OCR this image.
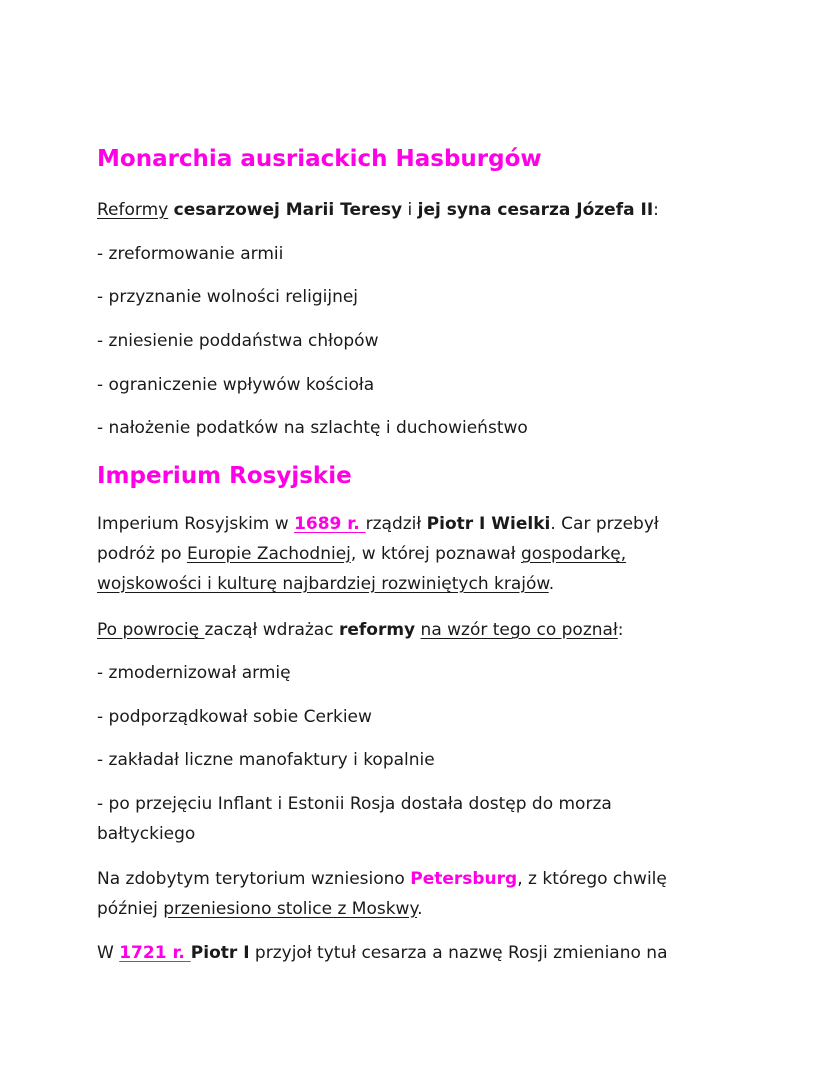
Monarchia ausriackich Hasburgów
Reformy cesarzowej Marii Teresy i jej syna cesarza Józefa II:
- zreformowanie armii
- przyznanie wolności religijnej
- zniesienie poddaństwa chłopów
- ograniczenie wpływów kościoła
- nałożenie podatków na szlachtę i duchowieństwo
Imperium Rosyjskie
Imperium Rosyjskim w 1689 r. rządził Piotr I Wielki. Car przebył
podróż po Europie Zachodniej, w której poznawał gospodarkę,
wojskowości i kulturę najbardziej rozwiniętych krajów.
Po powrocię zaczął wdrażac reformy na wzór tego co poznał:
- zmodernizował armię
- podporządkował sobie Cerkiew
- zakładał liczne manofaktury i kopalnie
- po przejęciu Inflant i Estonii Rosja dostała dostęp do morza
bałtyckiego
Na zdobytym terytorium wzniesiono Petersburg, z którego chwilę
później przeniesiono stolice z Moskwy.
W 1721 r. Piotr I przyjoł tytuł cesarza a nazwę Rosji zmieniano na
